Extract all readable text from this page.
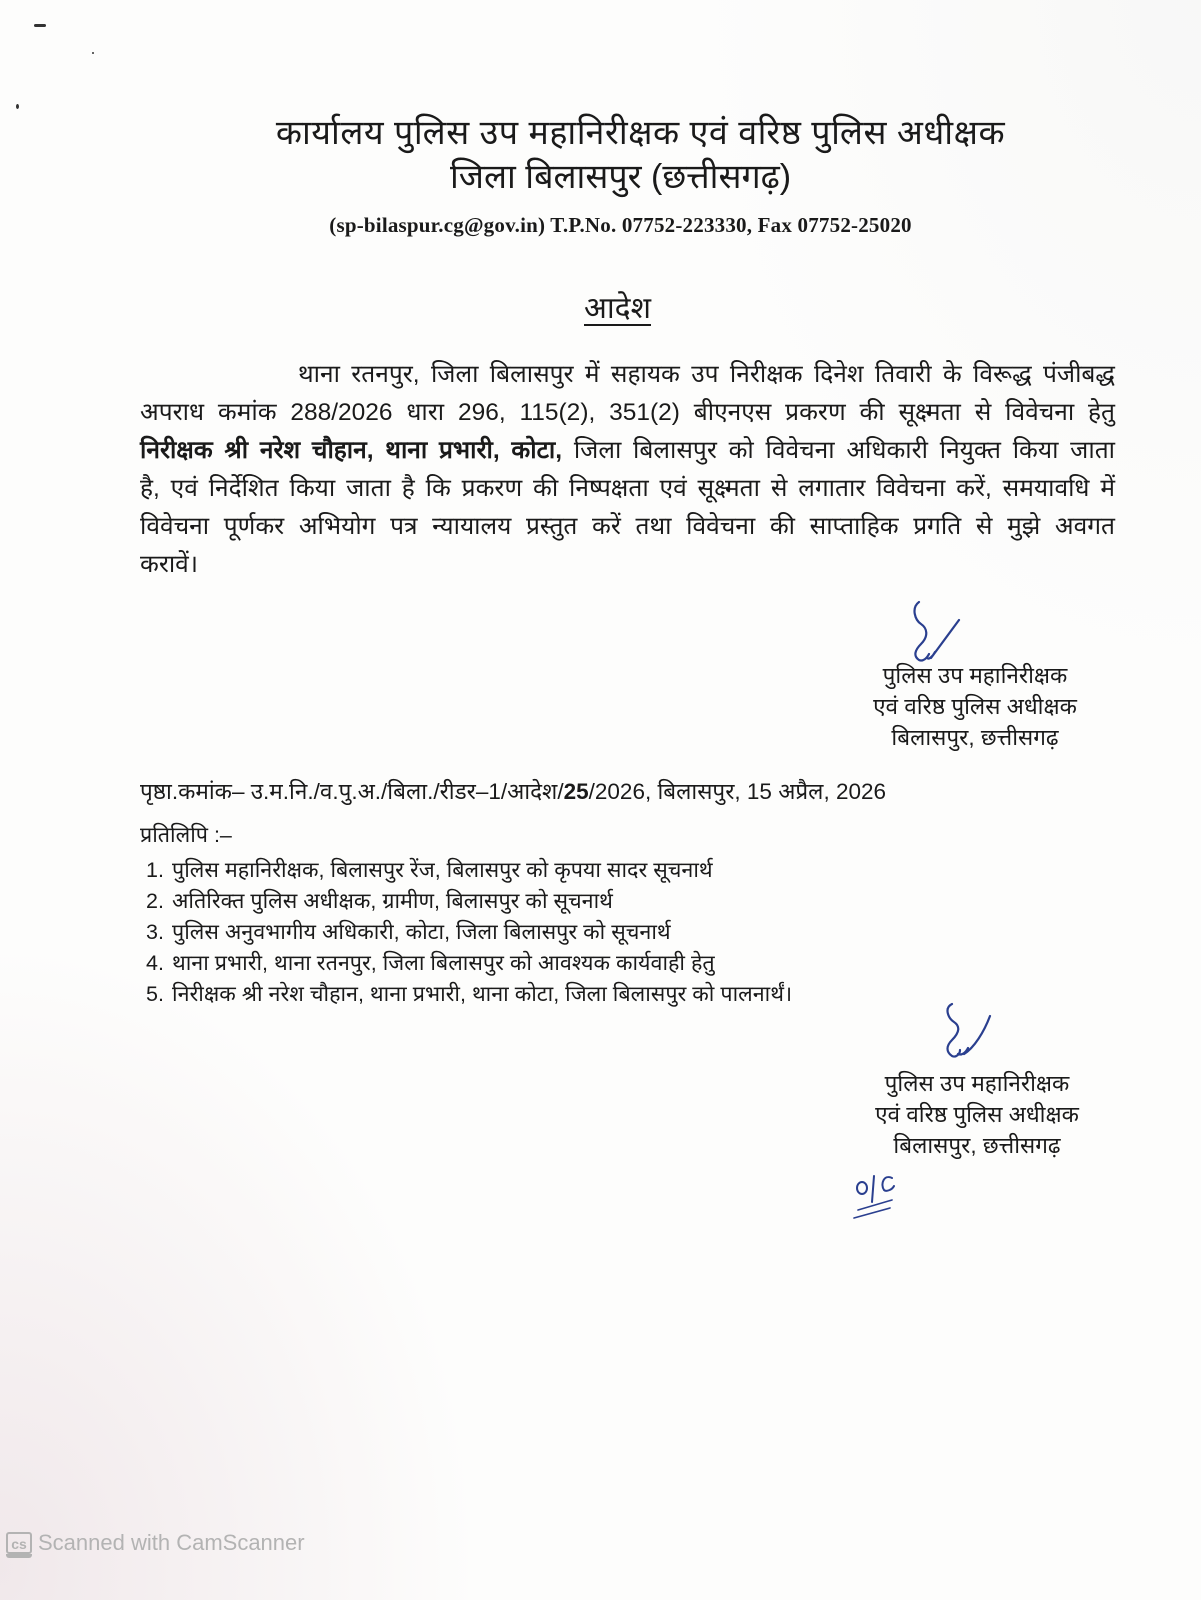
कार्यालय पुलिस उप महानिरीक्षक एवं वरिष्ठ पुलिस अधीक्षक
जिला बिलासपुर (छत्तीसगढ़)
(sp-bilaspur.cg@gov.in) T.P.No. 07752-223330, Fax 07752-25020
आदेश

थाना रतनपुर, जिला बिलासपुर में सहायक उप निरीक्षक दिनेश तिवारी के विरूद्ध पंजीबद्ध अपराध कमांक 288/2026 धारा 296, 115(2), 351(2) बीएनएस प्रकरण की सूक्ष्मता से विवेचना हेतु निरीक्षक श्री नरेश चौहान, थाना प्रभारी, कोटा, जिला बिलासपुर को विवेचना अधिकारी नियुक्त किया जाता है, एवं निर्देशित किया जाता है कि प्रकरण की निष्पक्षता एवं सूक्ष्मता से लगातार विवेचना करें, समयावधि में विवेचना पूर्णकर अभियोग पत्र न्यायालय प्रस्तुत करें तथा विवेचना की साप्ताहिक प्रगति से मुझे अवगत करावें।

पुलिस उप महानिरीक्षक
एवं वरिष्ठ पुलिस अधीक्षक
बिलासपुर, छत्तीसगढ़
पृष्ठा.कमांक– उ.म.नि./व.पु.अ./बिला./रीडर–1/आदेश/25/2026, बिलासपुर, 15 अप्रैल, 2026
प्रतिलिपि :–
1. पुलिस महानिरीक्षक, बिलासपुर रेंज, बिलासपुर को कृपया सादर सूचनार्थ
2. अतिरिक्त पुलिस अधीक्षक, ग्रामीण, बिलासपुर को सूचनार्थ
3. पुलिस अनुवभागीय अधिकारी, कोटा, जिला बिलासपुर को सूचनार्थ
4. थाना प्रभारी, थाना रतनपुर, जिला बिलासपुर को आवश्यक कार्यवाही हेतु
5. निरीक्षक श्री नरेश चौहान, थाना प्रभारी, थाना कोटा, जिला बिलासपुर को पालनार्थं।
पुलिस उप महानिरीक्षक
एवं वरिष्ठ पुलिस अधीक्षक
बिलासपुर, छत्तीसगढ़
cs Scanned with CamScanner
